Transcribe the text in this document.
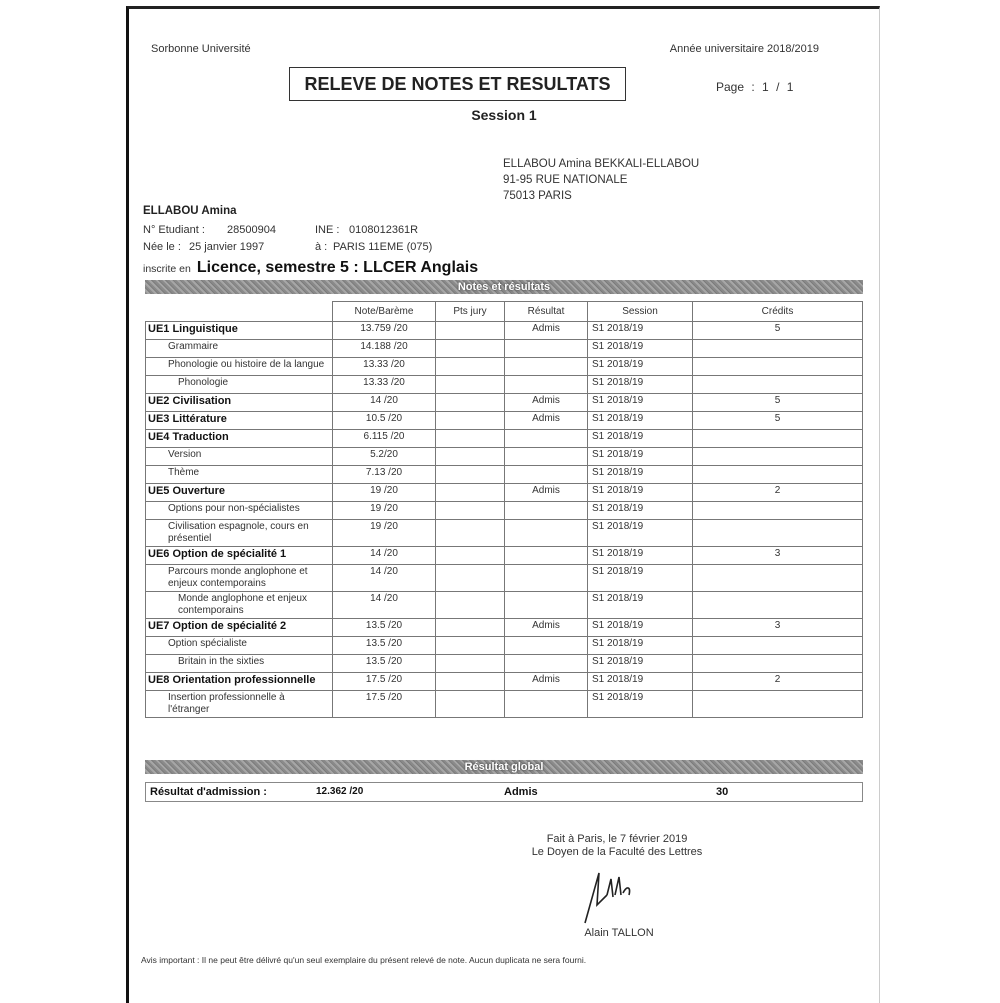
Sorbonne Université	Année universitaire 2018/2019
RELEVE DE NOTES ET RESULTATS	Page : 1 / 1
Session 1
ELLABOU Amina BEKKALI-ELLABOU
91-95 RUE NATIONALE
75013 PARIS
ELLABOU Amina
N° Etudiant : 28500904	INE : 0108012361R
Née le : 25 janvier 1997	à : PARIS 11EME (075)
inscrite en Licence, semestre 5 : LLCER Anglais
Notes et résultats
	Note/Barème	Pts jury	Résultat	Session	Crédits
UE1 Linguistique	13.759 /20		Admis	S1 2018/19	5
Grammaire	14.188 /20			S1 2018/19	
Phonologie ou histoire de la langue	13.33 /20			S1 2018/19	
Phonologie	13.33 /20			S1 2018/19	
UE2 Civilisation	14 /20		Admis	S1 2018/19	5
UE3 Littérature	10.5 /20		Admis	S1 2018/19	5
UE4 Traduction	6.115 /20			S1 2018/19	
Version	5.2/20			S1 2018/19	
Thème	7.13 /20			S1 2018/19	
UE5 Ouverture	19 /20		Admis	S1 2018/19	2
Options pour non-spécialistes	19 /20			S1 2018/19	
Civilisation espagnole, cours en présentiel	19 /20			S1 2018/19	
UE6 Option de spécialité 1	14 /20			S1 2018/19	3
Parcours monde anglophone et enjeux contemporains	14 /20			S1 2018/19	
Monde anglophone et enjeux contemporains	14 /20			S1 2018/19	
UE7 Option de spécialité 2	13.5 /20		Admis	S1 2018/19	3
Option spécialiste	13.5 /20			S1 2018/19	
Britain in the sixties	13.5 /20			S1 2018/19	
UE8 Orientation professionnelle	17.5 /20		Admis	S1 2018/19	2
Insertion professionnelle à l'étranger	17.5 /20			S1 2018/19	
Résultat global
Résultat d'admission :	12.362 /20	Admis	30
Fait à Paris, le 7 février 2019
Le Doyen de la Faculté des Lettres
Alain TALLON
Avis important : Il ne peut être délivré qu'un seul exemplaire du présent relevé de note. Aucun duplicata ne sera fourni.
